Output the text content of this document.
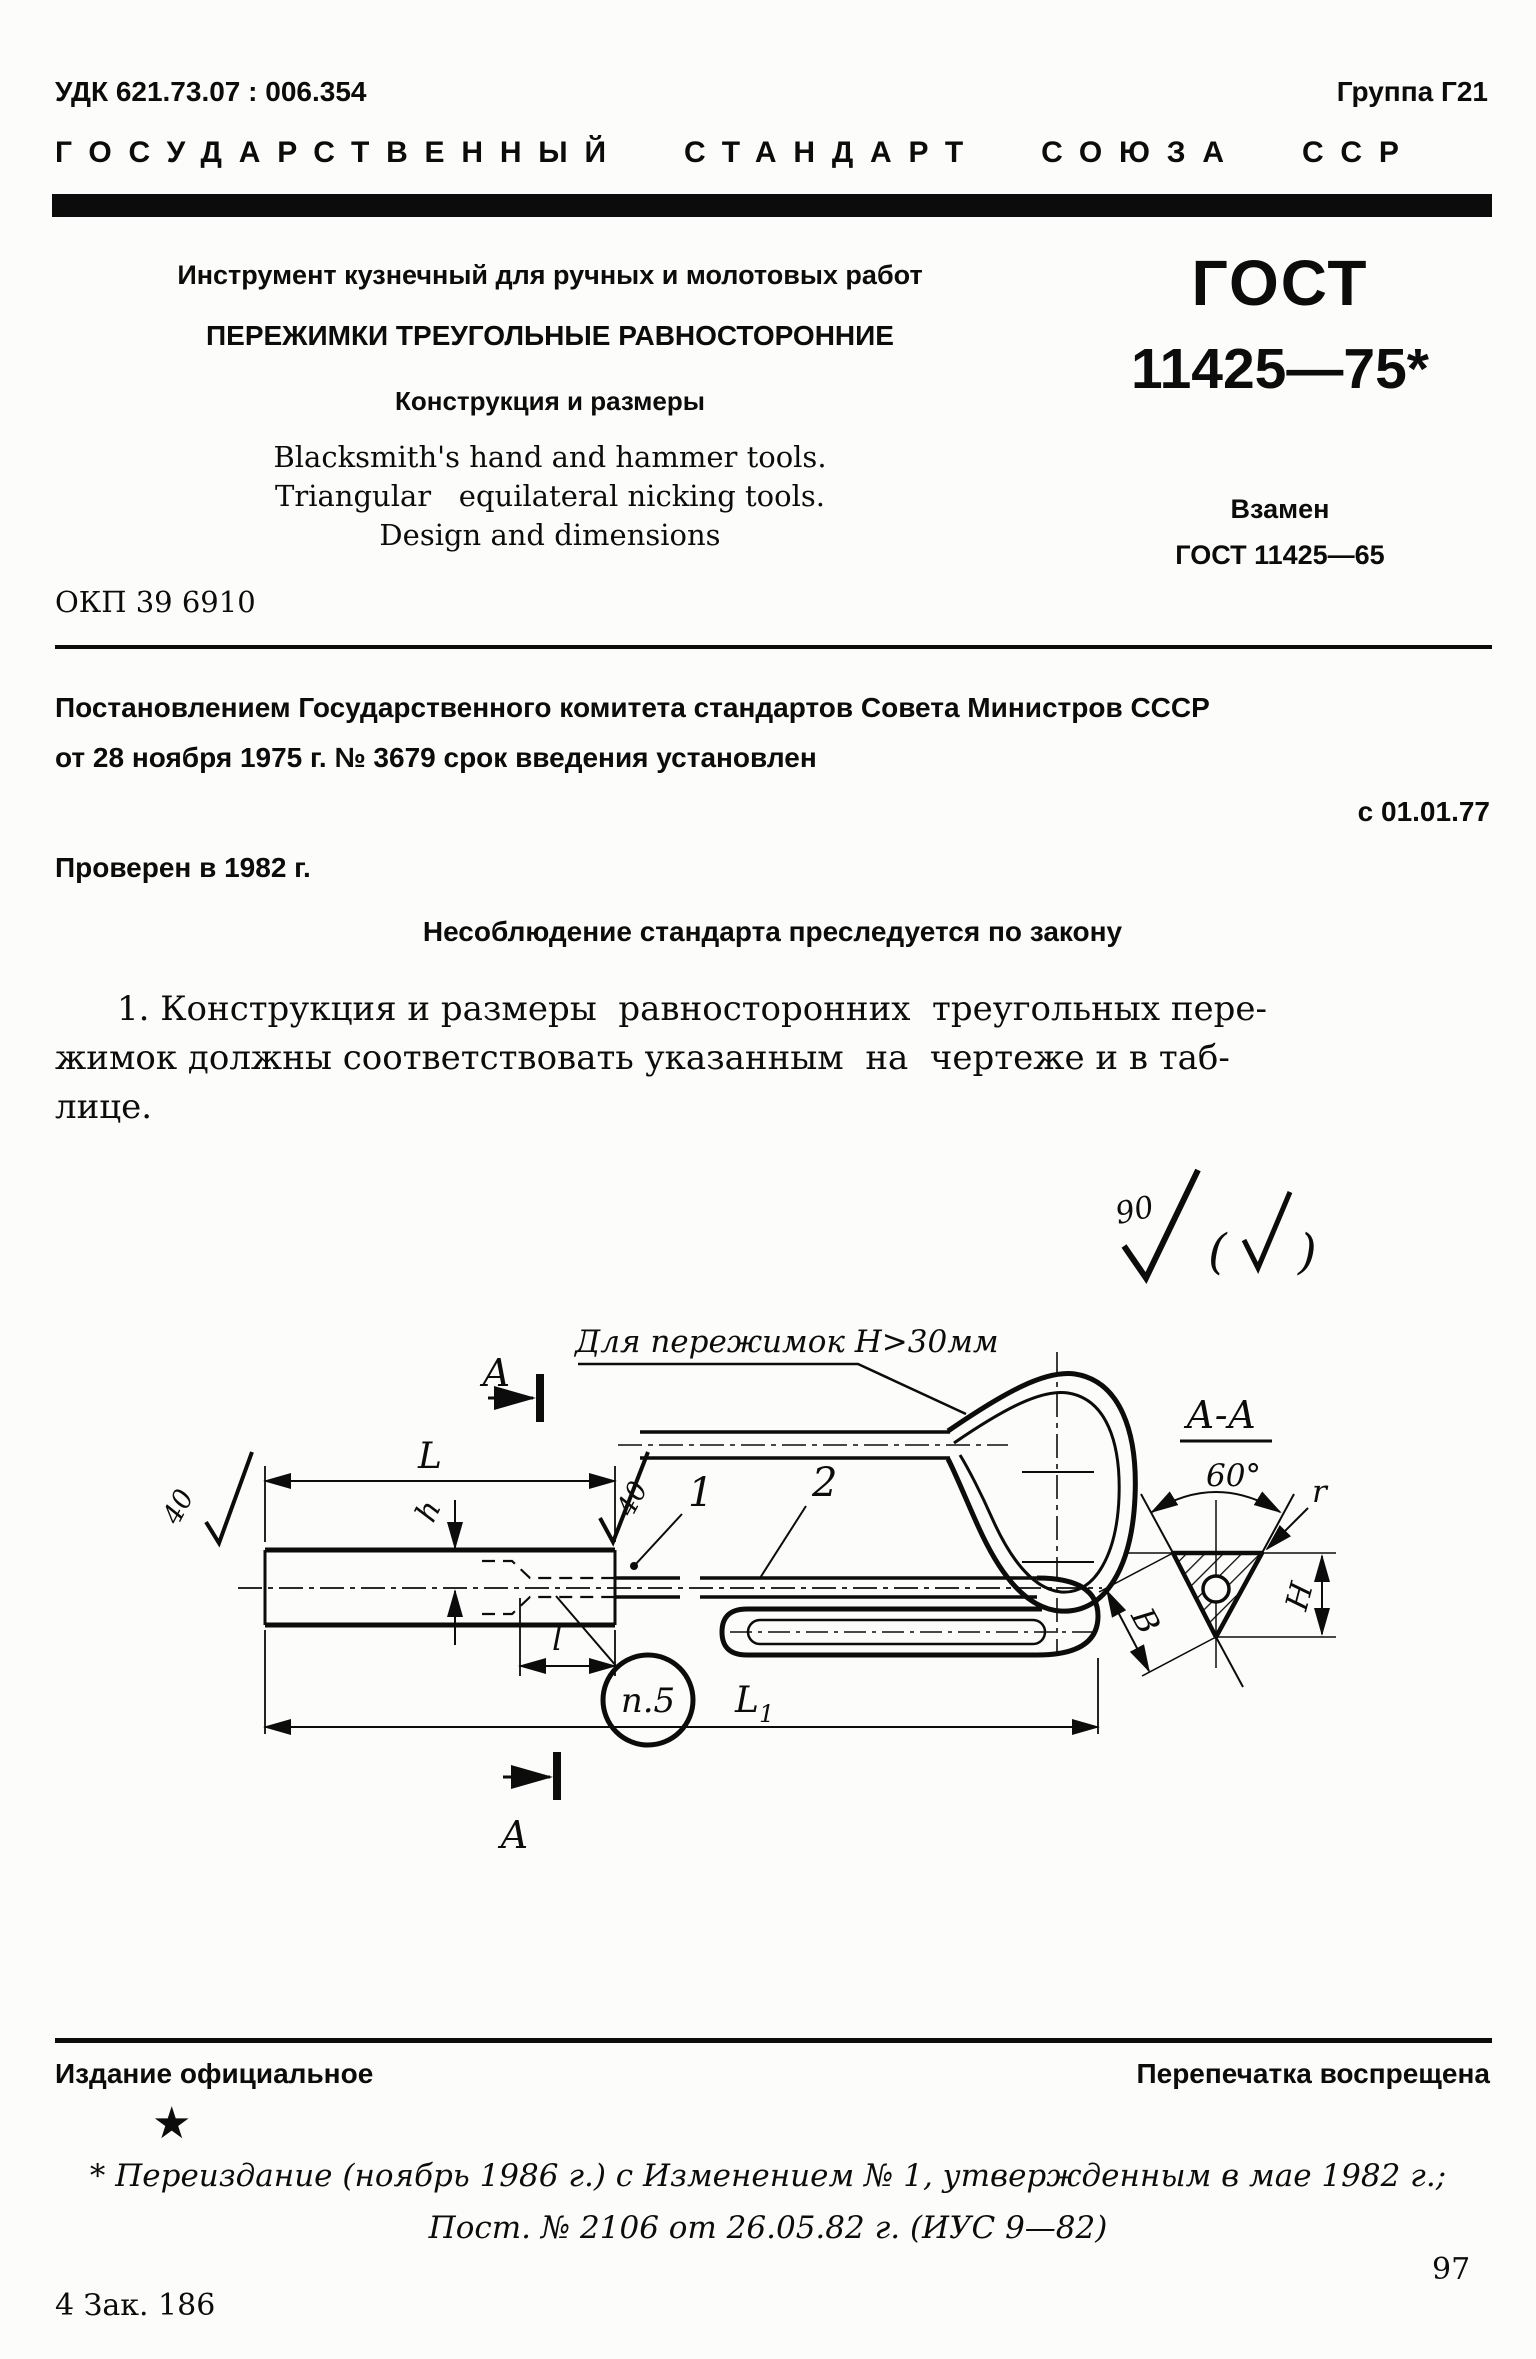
УДК 621.73.07 : 006.354	Группа Г21
ГОСУДАРСТВЕННЫЙ СТАНДАРТ СОЮЗА ССР
Инструмент кузнечный для ручных и молотовых работ
ПЕРЕЖИМКИ ТРЕУГОЛЬНЫЕ РАВНОСТОРОННИЕ
Конструкция и размеры
Blacksmith's hand and hammer tools.
Triangular   equilateral nicking tools.
Design and dimensions
ОКП 39 6910
ГОСТ
11425—75*
Взамен
ГОСТ 11425—65
Постановлением Государственного комитета стандартов Совета Министров СССР
от 28 ноября 1975 г. № 3679 срок введения установлен
с 01.01.77
Проверен в 1982 г.
Несоблюдение стандарта преследуется по закону
1. Конструкция и размеры  равносторонних  треугольных пере-
жимок должны соответствовать указанным  на  чертеже и в таб-
лице.
90
( )
Для пережимок Н>30мм
А
А
L
h
l
L 1
п.5
1 2
40	40
А-А
60° r
Н
В
Издание официальное	Перепечатка воспрещена
★
* Переиздание (ноябрь 1986 г.) с Изменением № 1, утвержденным в мае 1982 г.;
Пост. № 2106 от 26.05.82 г. (ИУС 9—82)
4 Зак. 186
97
